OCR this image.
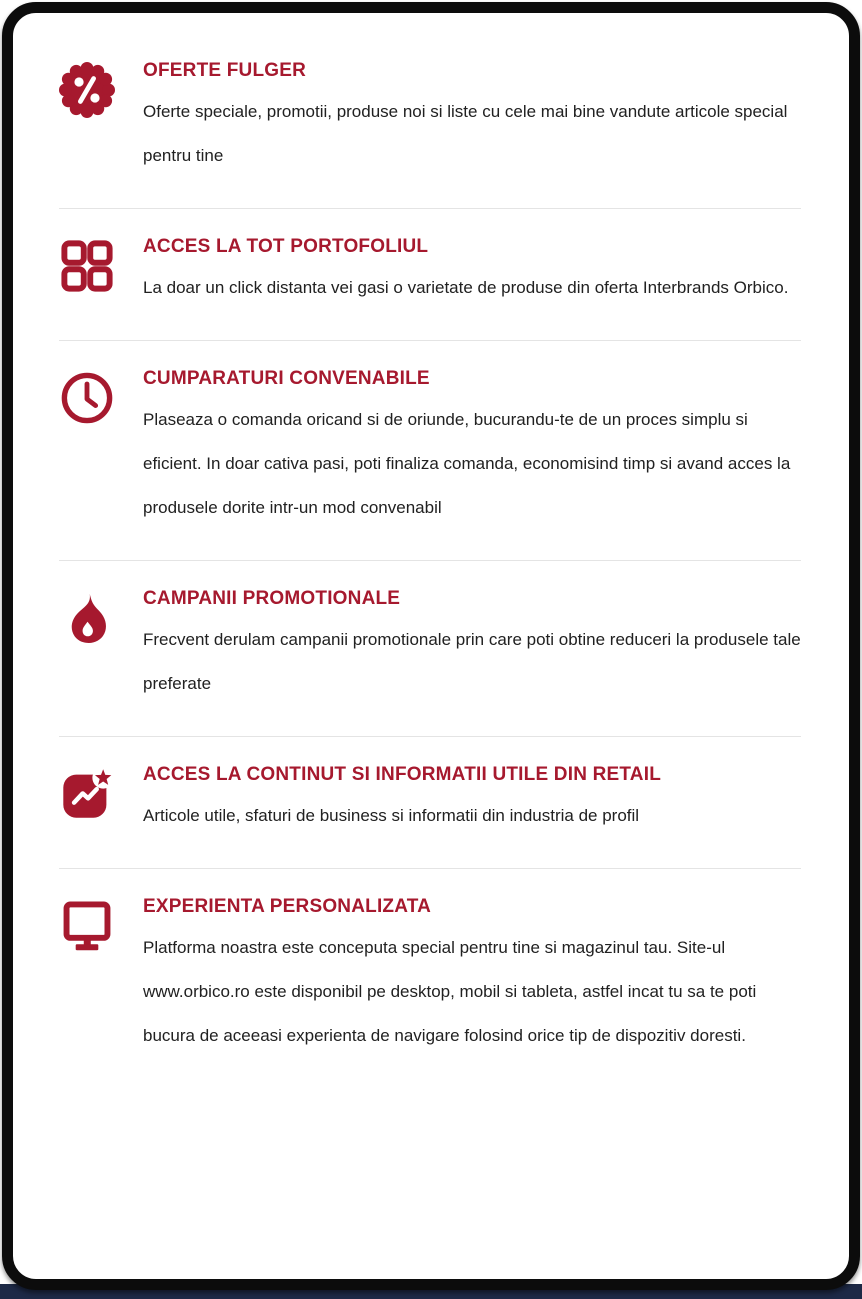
OFERTE FULGER

Oferte speciale, promotii, produse noi si liste cu cele mai bine vandute articole special pentru tine

ACCES LA TOT PORTOFOLIUL

La doar un click distanta vei gasi o varietate de produse din oferta Interbrands Orbico.

CUMPARATURI CONVENABILE

Plaseaza o comanda oricand si de oriunde, bucurandu-te de un proces simplu si eficient. In doar cativa pasi, poti finaliza comanda, economisind timp si avand acces la produsele dorite intr-un mod convenabil

CAMPANII PROMOTIONALE

Frecvent derulam campanii promotionale prin care poti obtine reduceri la produsele tale preferate

ACCES LA CONTINUT SI INFORMATII UTILE DIN RETAIL

Articole utile, sfaturi de business si informatii din industria de profil

EXPERIENTA PERSONALIZATA

Platforma noastra este conceputa special pentru tine si magazinul tau. Site-ul www.orbico.ro este disponibil pe desktop, mobil si tableta, astfel incat tu sa te poti bucura de aceeasi experienta de navigare folosind orice tip de dispozitiv doresti.
